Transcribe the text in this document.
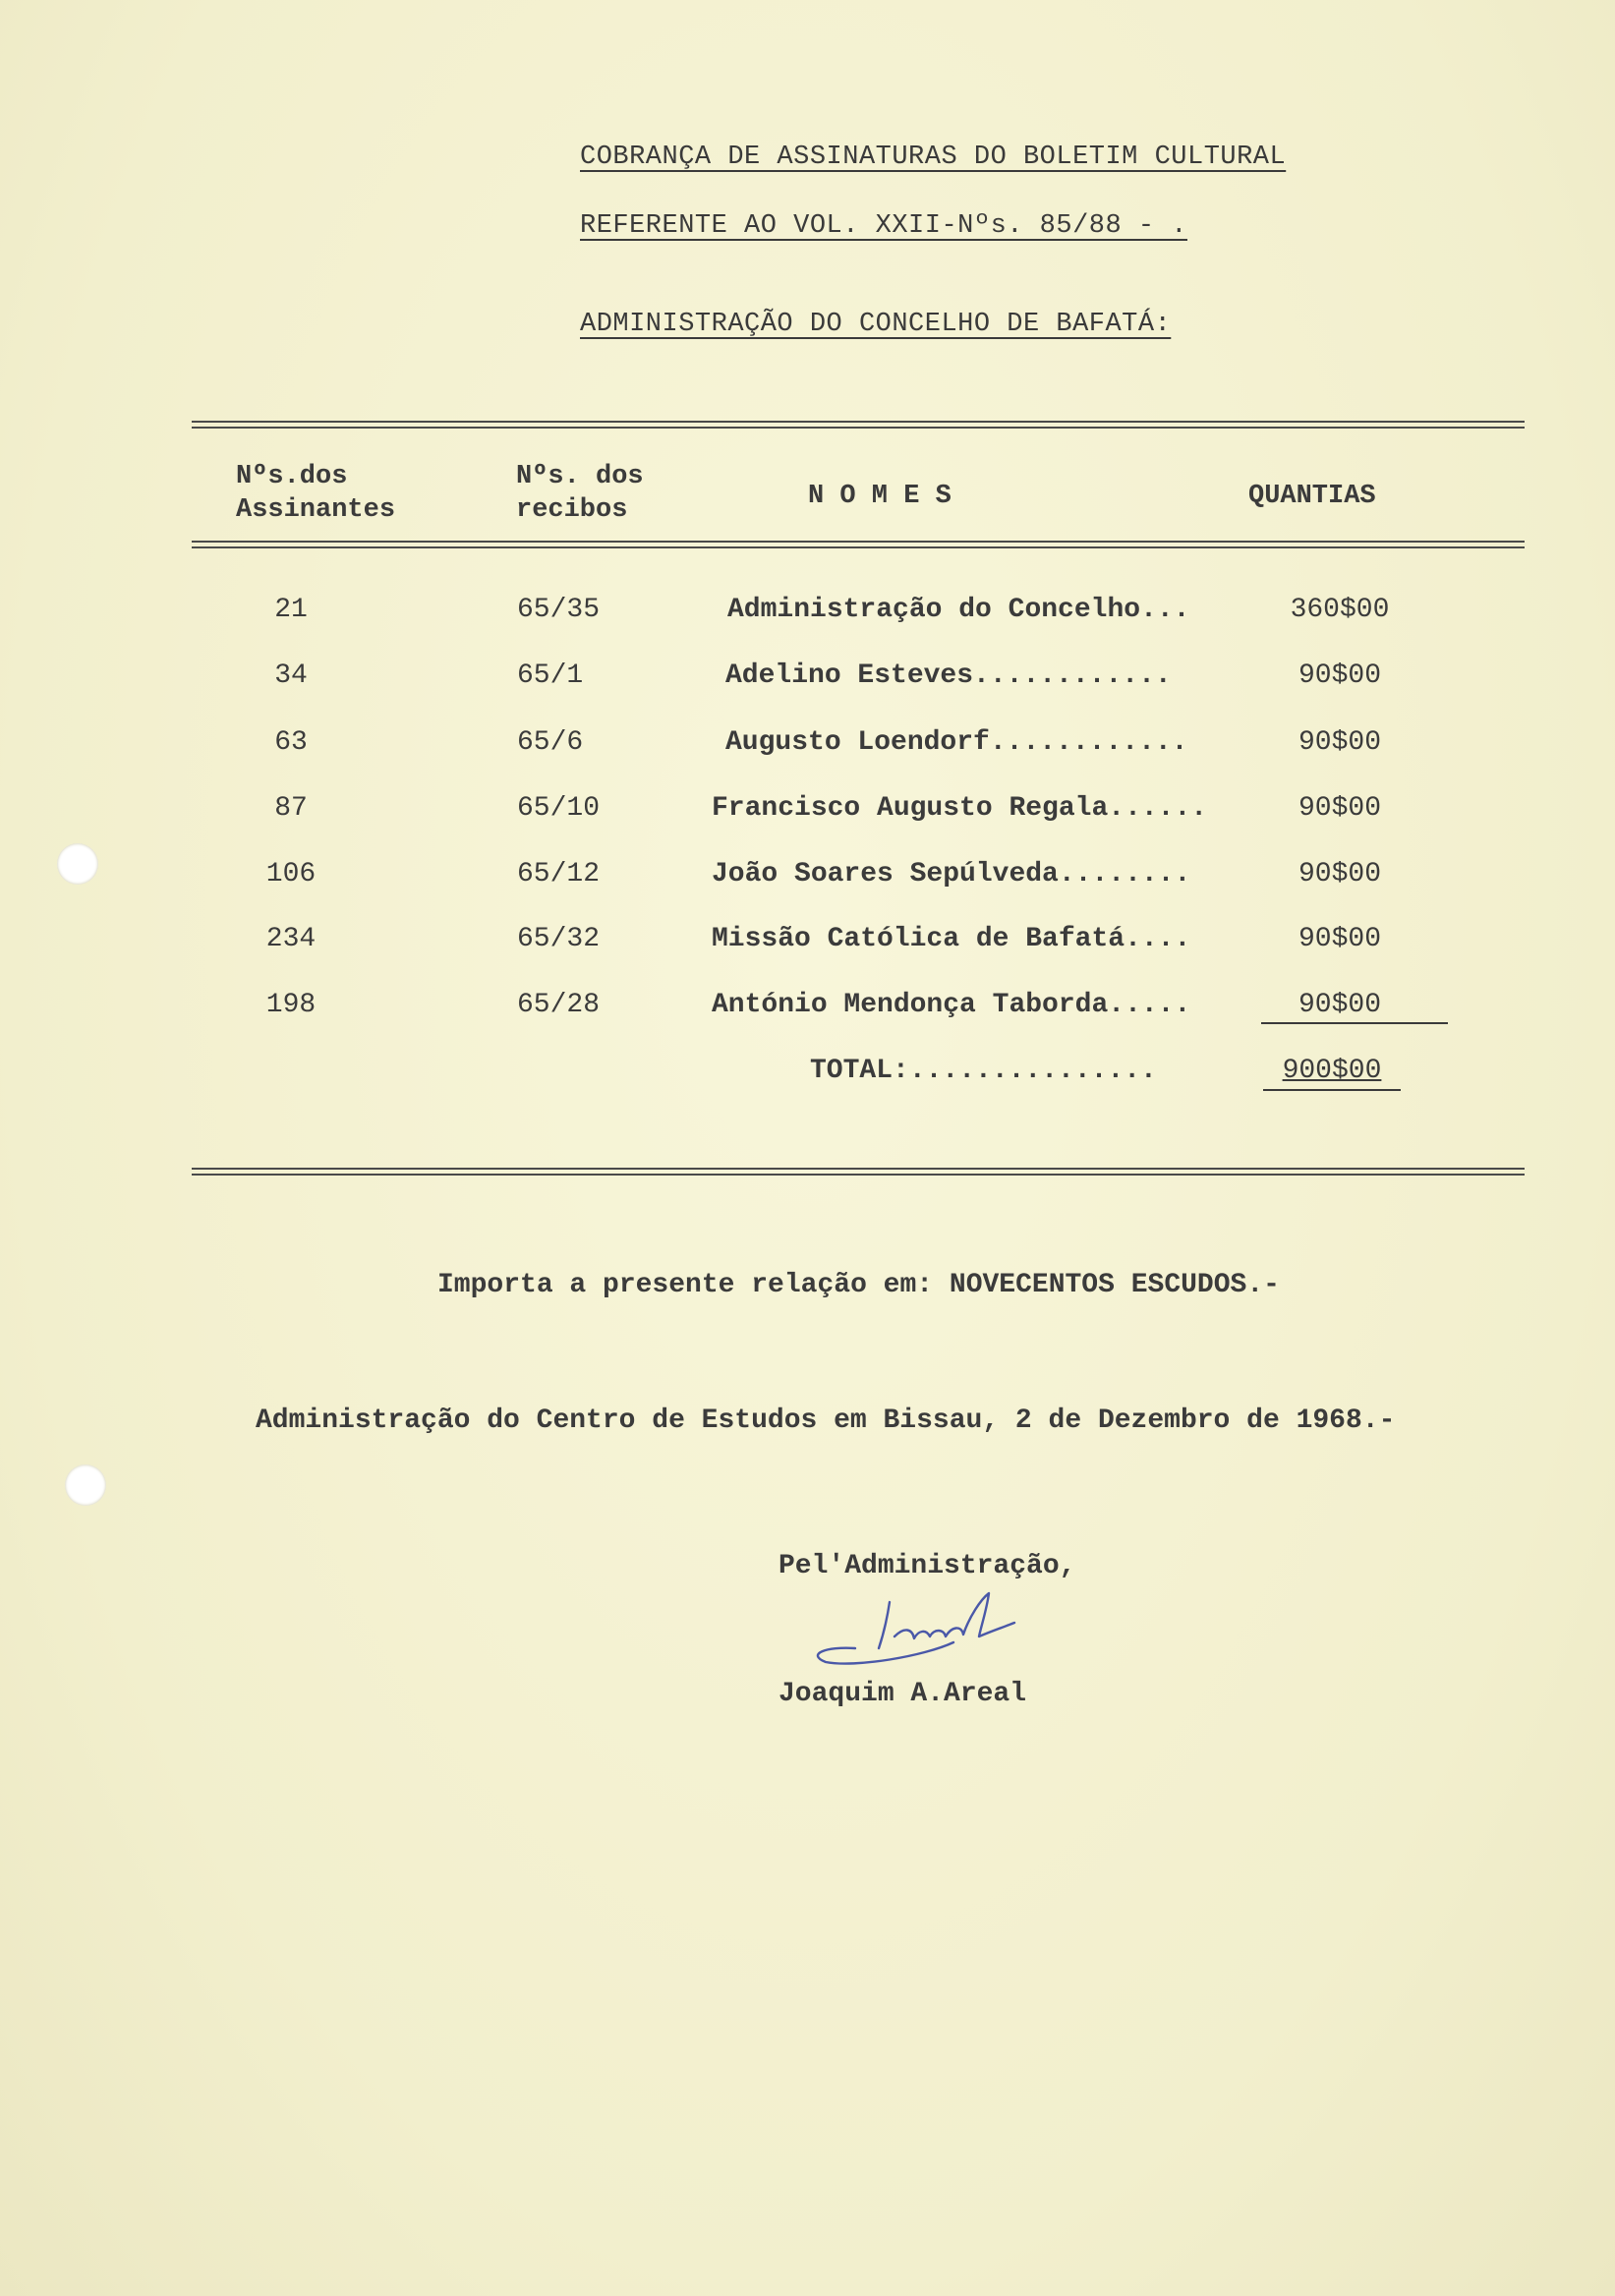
COBRANÇA DE ASSINATURAS DO BOLETIM CULTURAL
REFERENTE AO VOL. XXII-Nºs. 85/88 - .
ADMINISTRAÇÃO DO CONCELHO DE BAFATÁ:
Nºs.dos
Assinantes
Nºs. dos
recibos	N O M E S	QUANTIAS
21	65/35	Administração do Concelho...	360$00
34	65/1	Adelino Esteves............	90$00
63	65/6	Augusto Loendorf............	90$00
87	65/10	Francisco Augusto Regala......	90$00
106	65/12	João Soares Sepúlveda........	90$00
234	65/32	Missão Católica de Bafatá....	90$00
198	65/28	António Mendonça Taborda.....	90$00
TOTAL:...............	900$00
Importa a presente relação em: NOVECENTOS ESCUDOS.-
Administração do Centro de Estudos em Bissau, 2 de Dezembro de 1968.-
Pel'Administração,
Joaquim A.Areal
